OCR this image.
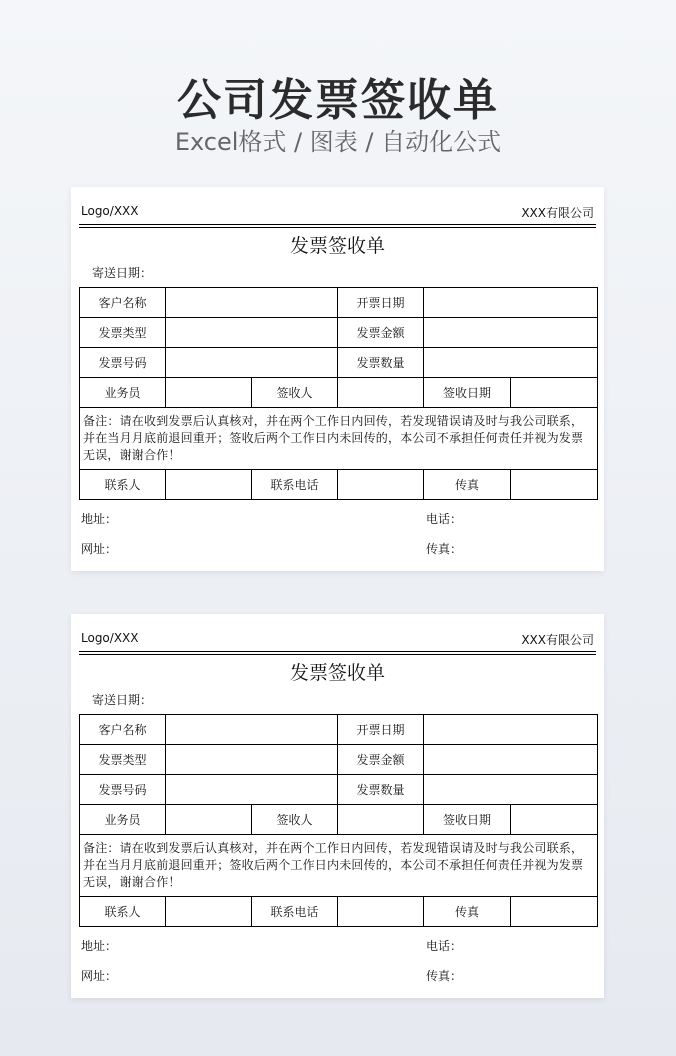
公司发票签收单
Excel格式 / 图表 / 自动化公式
Logo/XXX	XXX有限公司
发票签收单
寄送日期：
客户名称			开票日期		
发票类型			发票金额		
发票号码			发票数量		
业务员		签收人		签收日期	
备注：请在收到发票后认真核对，并在两个工作日内回传，若发现错误请及时与我公司联系，并在当月月底前退回重开；签收后两个工作日内未回传的，本公司不承担任何责任并视为发票无误，谢谢合作！					
联系人		联系电话		传真	
地址：	电话：
网址：	传真：
Logo/XXX	XXX有限公司
发票签收单
寄送日期：
客户名称			开票日期		
发票类型			发票金额		
发票号码			发票数量		
业务员		签收人		签收日期	
备注：请在收到发票后认真核对，并在两个工作日内回传，若发现错误请及时与我公司联系，并在当月月底前退回重开；签收后两个工作日内未回传的，本公司不承担任何责任并视为发票无误，谢谢合作！					
联系人		联系电话		传真	
地址：	电话：
网址：	传真：
